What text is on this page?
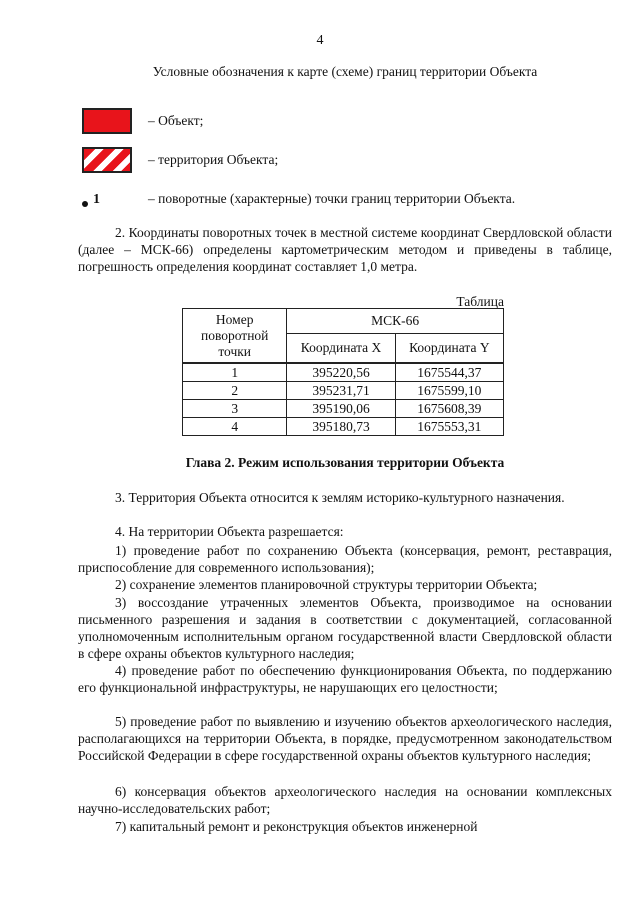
4
Условные обозначения к карте (схеме) границ территории Объекта
– Объект;
– территория Объекта;
1	– поворотные (характерные) точки границ территории Объекта.

2. Координаты поворотных точек в местной системе координат Свердловской области (далее – МСК-66) определены картометрическим методом и приведены в таблице, погрешность определения координат составляет 1,0 метра.

Таблица
Номер поворотной точки	МСК-66	
	Координата X	Координата Y
1	395220,56	1675544,37
2	395231,71	1675599,10
3	395190,06	1675608,39
4	395180,73	1675553,31
Глава 2. Режим использования территории Объекта

3. Территория Объекта относится к землям историко-культурного назначения.

4. На территории Объекта разрешается:

1) проведение работ по сохранению Объекта (консервация, ремонт, реставрация, приспособление для современного использования);

2) сохранение элементов планировочной структуры территории Объекта;

3) воссоздание утраченных элементов Объекта, производимое на основании письменного разрешения и задания в соответствии с документацией, согласованной уполномоченным исполнительным органом государственной власти Свердловской области в сфере охраны объектов культурного наследия;

4) проведение работ по обеспечению функционирования Объекта, по поддержанию его функциональной инфраструктуры, не нарушающих его целостности;

5) проведение работ по выявлению и изучению объектов археологического наследия, располагающихся на территории Объекта, в порядке, предусмотренном законодательством Российской Федерации в сфере государственной охраны объектов культурного наследия;

6) консервация объектов археологического наследия на основании комплексных научно-исследовательских работ;

7) капитальный ремонт и реконструкция объектов инженерной
